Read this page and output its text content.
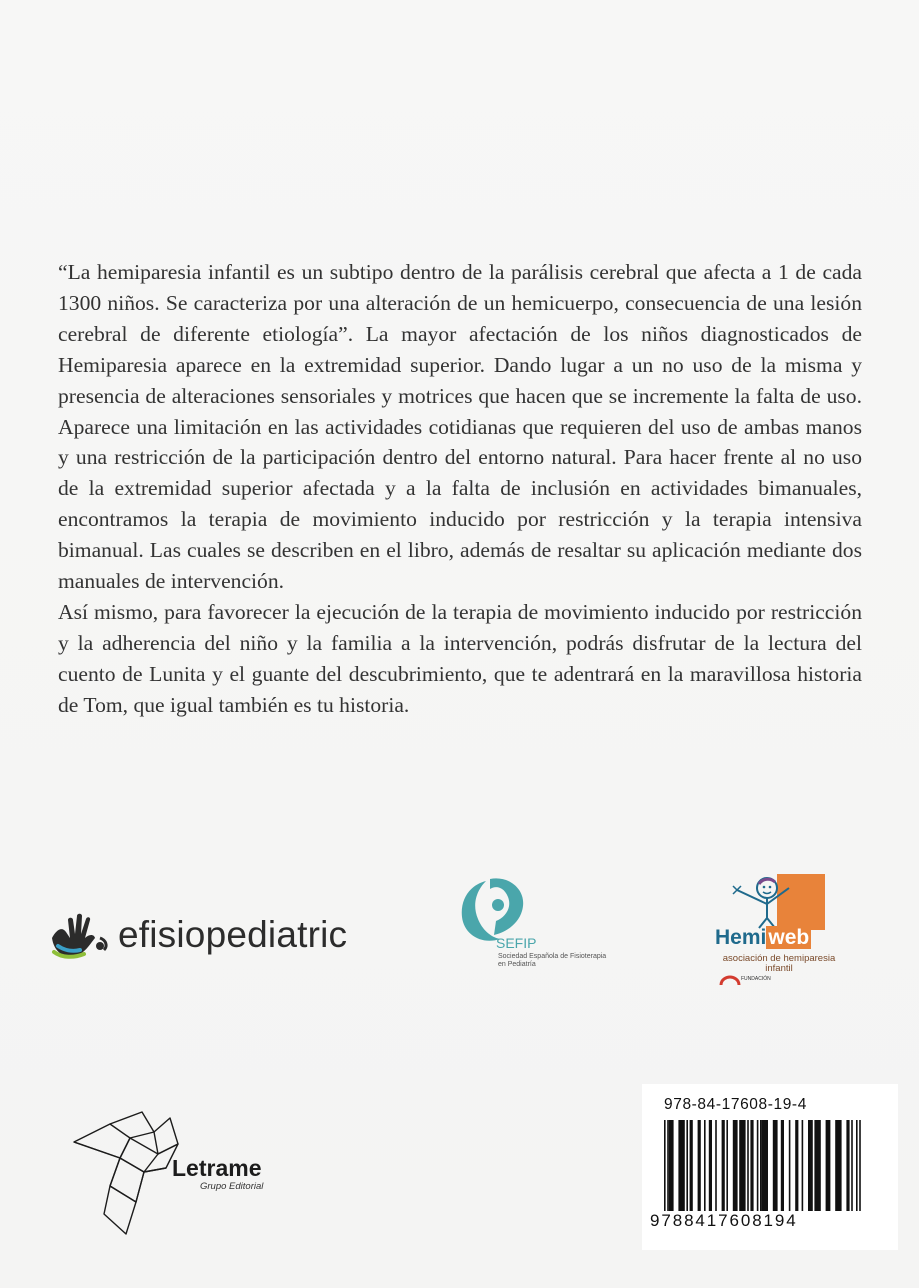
“La hemiparesia infantil es un subtipo dentro de la parálisis cerebral que afecta a 1 de cada 1300 niños. Se caracteriza por una alteración de un hemicuerpo, consecuencia de una lesión cerebral de diferente etiología”. La mayor afectación de los niños diagnosticados de Hemiparesia aparece en la extremidad superior. Dando lugar a un no uso de la misma y presencia de alteraciones sensoriales y motrices que hacen que se incremente la falta de uso. Aparece una limitación en las actividades cotidianas que requieren del uso de ambas manos y una restricción de la participación dentro del entorno natural. Para hacer frente al no uso de la extremidad superior afectada y a la falta de inclusión en actividades bimanuales, encontramos la terapia de movimiento inducido por restricción y la terapia intensiva bimanual. Las cuales se describen en el libro, además de resaltar su aplicación mediante dos manuales de intervención.

Así mismo, para favorecer la ejecución de la terapia de movimiento inducido por restricción y la adherencia del niño y la familia a la intervención, podrás disfrutar de la lectura del cuento de Lunita y el guante del descubrimiento, que te adentrará en la maravillosa historia de Tom, que igual también es tu historia.

efisiopediatric	SEFIP
Sociedad Española de Fisioterapia en Pediatría
Hemiweb
asociación de hemiparesia infantil
FUNDACIÓN
Letrame
Grupo Editorial
978-84-17608-19-4
9788417608194
